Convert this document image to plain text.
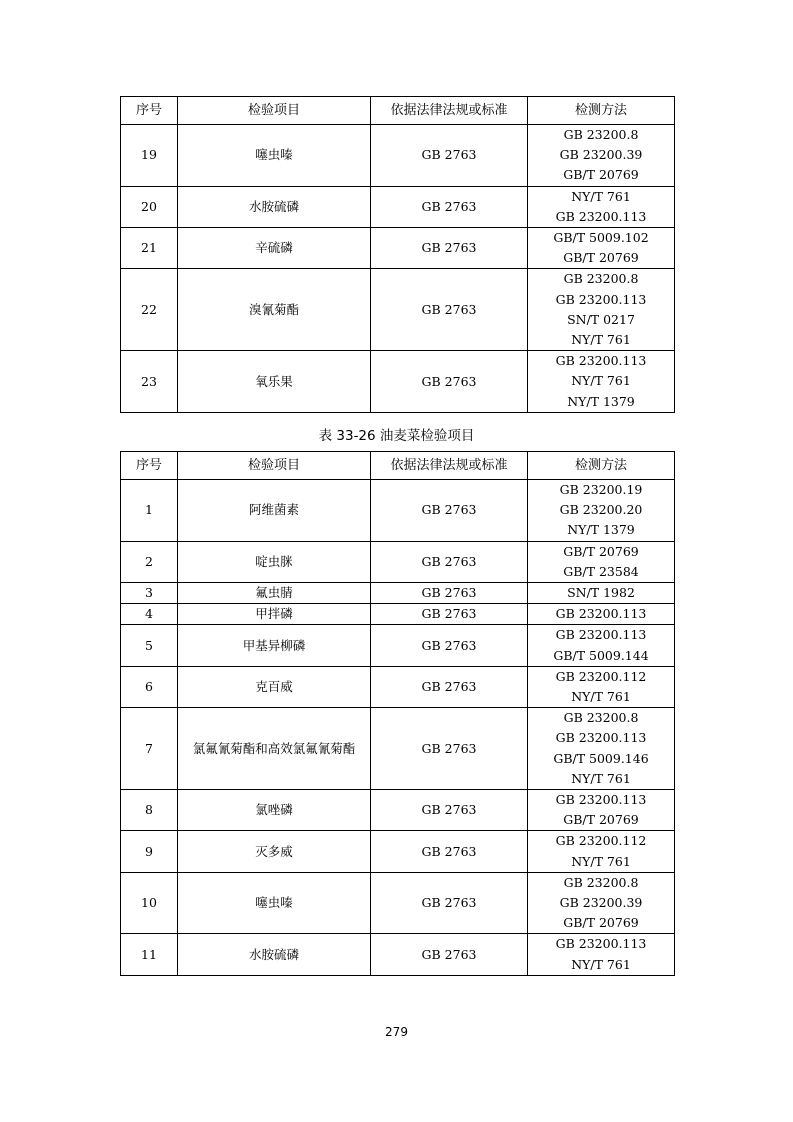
序号	检验项目	依据法律法规或标准	检测方法
19	噻虫嗪	GB 2763	GB 23200.8
GB 23200.39
GB/T 20769

20	水胺硫磷	GB 2763	NY/T 761
GB 23200.113

21	辛硫磷	GB 2763	GB/T 5009.102
GB/T 20769

22	溴氰菊酯	GB 2763	GB 23200.8
GB 23200.113
SN/T 0217
NY/T 761

23	氧乐果	GB 2763	GB 23200.113
NY/T 761
NY/T 1379
表 33-26 油麦菜检验项目
序号	检验项目	依据法律法规或标准	检测方法
1	阿维菌素	GB 2763	GB 23200.19
GB 23200.20
NY/T 1379

2	啶虫脒	GB 2763	GB/T 20769
GB/T 23584

3	氟虫腈	GB 2763	SN/T 1982

4	甲拌磷	GB 2763	GB 23200.113

5	甲基异柳磷	GB 2763	GB 23200.113
GB/T 5009.144

6	克百威	GB 2763	GB 23200.112
NY/T 761

7	氯氟氰菊酯和高效氯氟氰菊酯	GB 2763	GB 23200.8
GB 23200.113
GB/T 5009.146
NY/T 761

8	氯唑磷	GB 2763	GB 23200.113
GB/T 20769

9	灭多威	GB 2763	GB 23200.112
NY/T 761

10	噻虫嗪	GB 2763	GB 23200.8
GB 23200.39
GB/T 20769

11	水胺硫磷	GB 2763	GB 23200.113
NY/T 761
279
